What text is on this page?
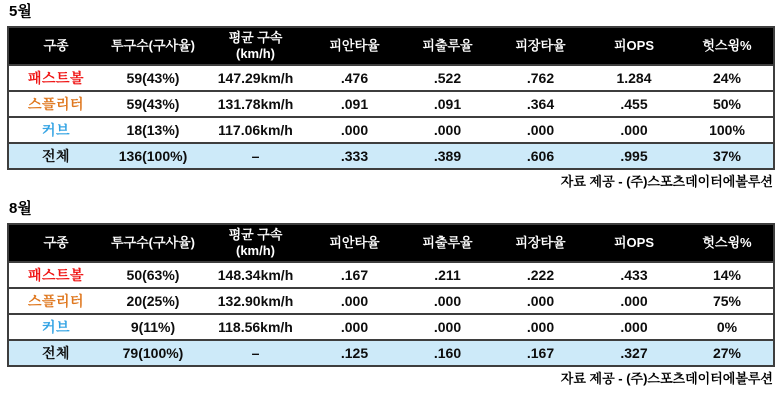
5월
구종	투구수(구사율)	평균 구속 (km/h)	피안타율	피출루율	피장타율	피OPS	헛스윙%

패스트볼	59(43%)	147.29km/h	.476	.522	.762	1.284	24%
스플리터	59(43%)	131.78km/h	.091	.091	.364	.455	50%
커브	18(13%)	117.06km/h	.000	.000	.000	.000	100%
전체	136(100%)	–	.333	.389	.606	.995	37%
자료 제공 - (주)스포츠데이터에볼루션
8월
구종	투구수(구사율)	평균 구속 (km/h)	피안타율	피출루율	피장타율	피OPS	헛스윙%

패스트볼	50(63%)	148.34km/h	.167	.211	.222	.433	14%
스플리터	20(25%)	132.90km/h	.000	.000	.000	.000	75%
커브	9(11%)	118.56km/h	.000	.000	.000	.000	0%
전체	79(100%)	–	.125	.160	.167	.327	27%
자료 제공 - (주)스포츠데이터에볼루션
